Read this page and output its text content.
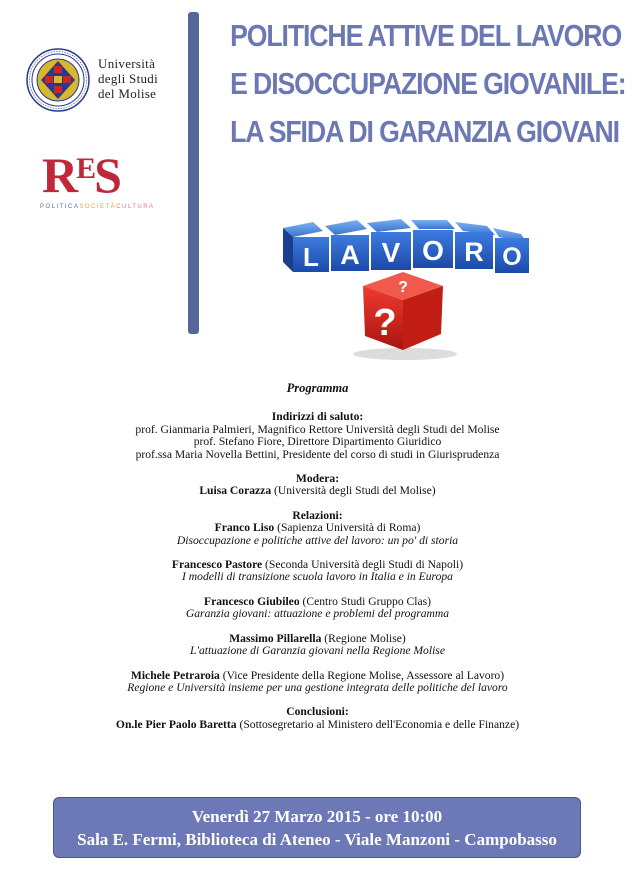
Università
degli Studi
del Molise
$R^ES$
POLITICASOCIETÀCULTURA
POLITICHE ATTIVE DEL LAVORO
E DISOCCUPAZIONE GIOVANILE:
LA SFIDA DI GARANZIA GIOVANI
L A V O R O
?
?
Programma
Indirizzi di saluto:
prof. Gianmaria Palmieri, Magnifico Rettore Università degli Studi del Molise
prof. Stefano Fiore, Direttore Dipartimento Giuridico
prof.ssa Maria Novella Bettini, Presidente del corso di studi in Giurisprudenza
Modera:
Luisa Corazza (Università degli Studi del Molise)
Relazioni:
Franco Liso (Sapienza Università di Roma)
Disoccupazione e politiche attive del lavoro: un po' di storia
Francesco Pastore (Seconda Università degli Studi di Napoli)
I modelli di transizione scuola lavoro in Italia e in Europa
Francesco Giubileo (Centro Studi Gruppo Clas)
Garanzia giovani: attuazione e problemi del programma
Massimo Pillarella (Regione Molise)
L'attuazione di Garanzia giovani nella Regione Molise
Michele Petraroia (Vice Presidente della Regione Molise, Assessore al Lavoro)
Regione e Università insieme per una gestione integrata delle politiche del lavoro
Conclusioni:
On.le Pier Paolo Baretta (Sottosegretario al Ministero dell'Economia e delle Finanze)
Venerdì 27 Marzo 2015 - ore 10:00
Sala E. Fermi, Biblioteca di Ateneo - Viale Manzoni - Campobasso
